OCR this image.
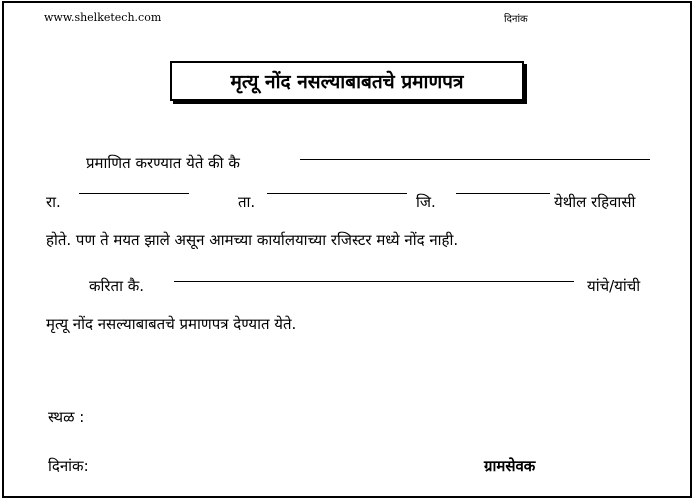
www.shelketech.com	दिनांक
मृत्यू नोंद नसल्याबाबतचे प्रमाणपत्र
प्रमाणित करण्यात येते की कै
रा.	ता.	जि.	येथील रहिवासी
होते. पण ते मयत झाले असून आमच्या कार्यालयाच्या रजिस्टर मध्ये नोंद नाही.
करिता कै.	यांचे/यांची
मृत्यू नोंद नसल्याबाबतचे प्रमाणपत्र देण्यात येते.
स्थळ :
दिनांक:	ग्रामसेवक
